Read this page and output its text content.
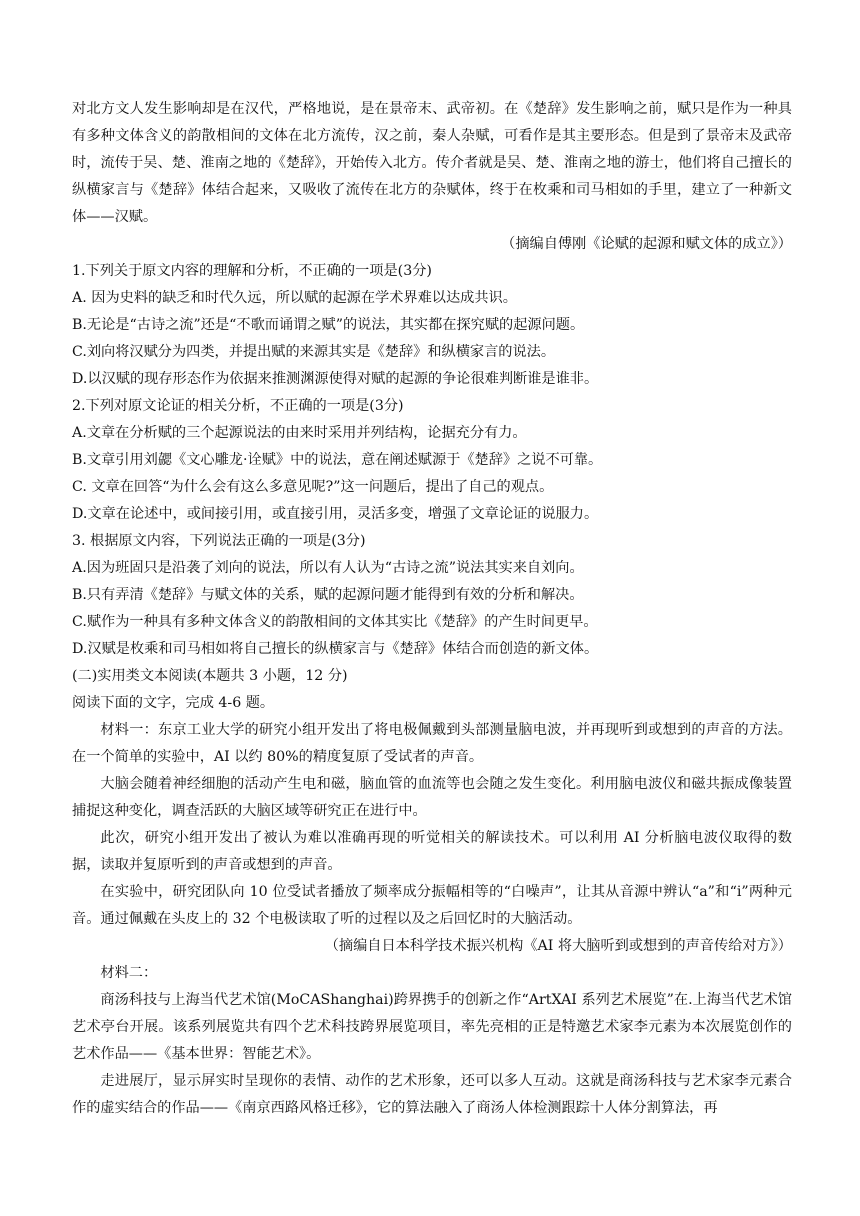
对北方文人发生影响却是在汉代，严格地说，是在景帝末、武帝初。在《楚辞》发生影响之前，赋只是作为一种具有多种文体含义的韵散相间的文体在北方流传，汉之前，秦人杂赋，可看作是其主要形态。但是到了景帝末及武帝时，流传于吴、楚、淮南之地的《楚辞》，开始传入北方。传介者就是吴、楚、淮南之地的游士，他们将自己擅长的纵横家言与《楚辞》体结合起来，又吸收了流传在北方的杂赋体，终于在枚乘和司马相如的手里，建立了一种新文体——汉赋。

（摘编自傅刚《论赋的起源和赋文体的成立》）

1.下列关于原文内容的理解和分析，不正确的一项是(3分)

A. 因为史料的缺乏和时代久远，所以赋的起源在学术界难以达成共识。

B.无论是“古诗之流”还是“不歌而诵谓之赋”的说法，其实都在探究赋的起源问题。

C.刘向将汉赋分为四类，并提出赋的来源其实是《楚辞》和纵横家言的说法。

D.以汉赋的现存形态作为依据来推测渊源使得对赋的起源的争论很难判断谁是谁非。

2.下列对原文论证的相关分析，不正确的一项是(3分)

A.文章在分析赋的三个起源说法的由来时采用并列结构，论据充分有力。

B.文章引用刘勰《文心雕龙·诠赋》中的说法，意在阐述赋源于《楚辞》之说不可靠。

C. 文章在回答“为什么会有这么多意见呢?”这一问题后，提出了自己的观点。

D.文章在论述中，或间接引用，或直接引用，灵活多变，增强了文章论证的说服力。

3. 根据原文内容，下列说法正确的一项是(3分)

A.因为班固只是沿袭了刘向的说法，所以有人认为“古诗之流”说法其实来自刘向。

B.只有弄清《楚辞》与赋文体的关系，赋的起源问题才能得到有效的分析和解决。

C.赋作为一种具有多种文体含义的韵散相间的文体其实比《楚辞》的产生时间更早。

D.汉赋是枚乘和司马相如将自己擅长的纵横家言与《楚辞》体结合而创造的新文体。

(二)实用类文本阅读(本题共 3 小题，12 分)

阅读下面的文字，完成 4-6 题。

材料一：东京工业大学的研究小组开发出了将电极佩戴到头部测量脑电波，并再现听到或想到的声音的方法。在一个简单的实验中，AI 以约 80%的精度复原了受试者的声音。

大脑会随着神经细胞的活动产生电和磁，脑血管的血流等也会随之发生变化。利用脑电波仪和磁共振成像装置捕捉这种变化，调查活跃的大脑区域等研究正在进行中。

此次，研究小组开发出了被认为难以准确再现的听觉相关的解读技术。可以利用 AI 分析脑电波仪取得的数据，读取并复原听到的声音或想到的声音。

在实验中，研究团队向 10 位受试者播放了频率成分振幅相等的“白噪声”，让其从音源中辨认“a”和“i”两种元音。通过佩戴在头皮上的 32 个电极读取了听的过程以及之后回忆时的大脑活动。

（摘编自日本科学技术振兴机构《AI 将大脑听到或想到的声音传给对方》）

材料二：

商汤科技与上海当代艺术馆(MoCAShanghai)跨界携手的创新之作“ArtXAI 系列艺术展览”在.上海当代艺术馆艺术亭台开展。该系列展览共有四个艺术科技跨界展览项目，率先亮相的正是特邀艺术家李元素为本次展览创作的艺术作品——《基本世界：智能艺术》。

走进展厅，显示屏实时呈现你的表情、动作的艺术形象，还可以多人互动。这就是商汤科技与艺术家李元素合作的虚实结合的作品——《南京西路风格迁移》，它的算法融入了商汤人体检测跟踪十人体分割算法，再
